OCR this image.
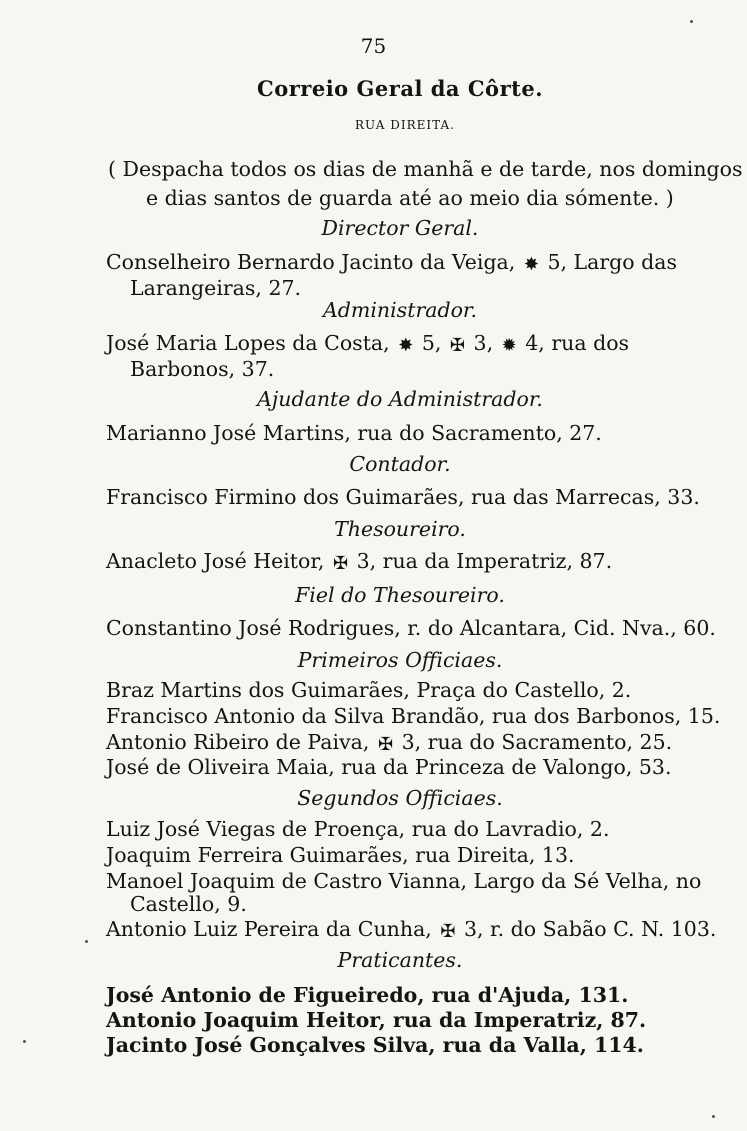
75
Correio Geral da Côrte.
RUA DIREITA.
( Despacha todos os dias de manhã e de tarde, nos domingos
e dias santos de guarda até ao meio dia sómente. )
Director Geral.
Conselheiro Bernardo Jacinto da Veiga, ✸ 5, Largo das
Larangeiras, 27.
Administrador.
José Maria Lopes da Costa, ✸ 5, ✠ 3, ✹ 4, rua dos
Barbonos, 37.
Ajudante do Administrador.
Marianno José Martins, rua do Sacramento, 27.
Contador.
Francisco Firmino dos Guimarães, rua das Marrecas, 33.
Thesoureiro.
Anacleto José Heitor, ✠ 3, rua da Imperatriz, 87.
Fiel do Thesoureiro.
Constantino José Rodrigues, r. do Alcantara, Cid. Nva., 60.
Primeiros Officiaes.
Braz Martins dos Guimarães, Praça do Castello, 2.
Francisco Antonio da Silva Brandão, rua dos Barbonos, 15.
Antonio Ribeiro de Paiva, ✠ 3, rua do Sacramento, 25.
José de Oliveira Maia, rua da Princeza de Valongo, 53.
Segundos Officiaes.
Luiz José Viegas de Proença, rua do Lavradio, 2.
Joaquim Ferreira Guimarães, rua Direita, 13.
Manoel Joaquim de Castro Vianna, Largo da Sé Velha, no
Castello, 9.
Antonio Luiz Pereira da Cunha, ✠ 3, r. do Sabão C. N. 103.
Praticantes.
José Antonio de Figueiredo, rua d'Ajuda, 131.
Antonio Joaquim Heitor, rua da Imperatriz, 87.
Jacinto José Gonçalves Silva, rua da Valla, 114.
